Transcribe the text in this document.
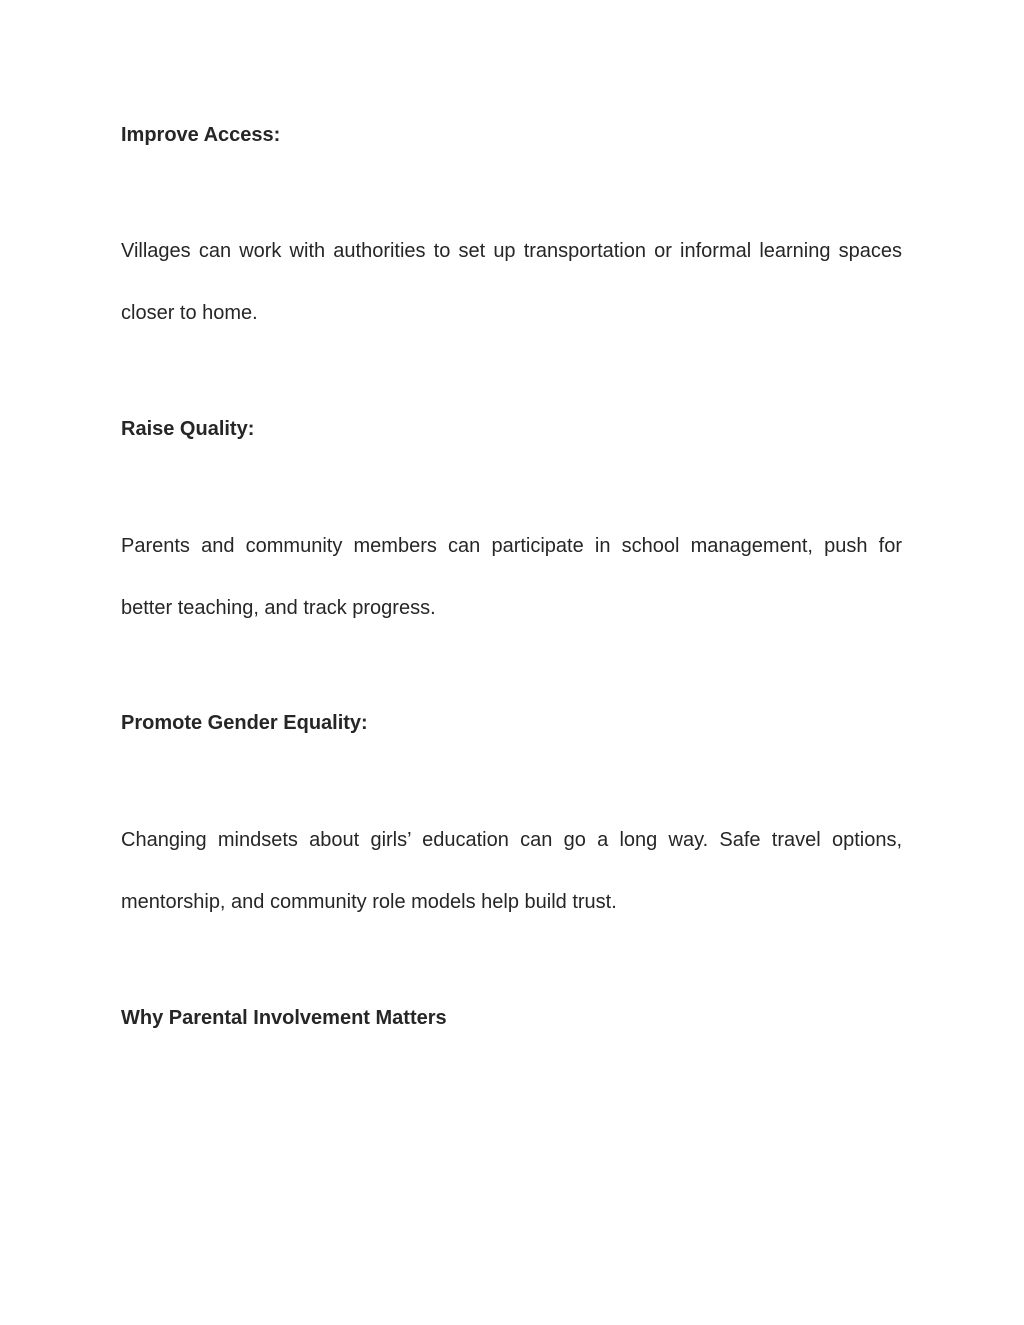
Improve Access:

Villages can work with authorities to set up transportation or informal learning spaces closer to home.

Raise Quality:

Parents and community members can participate in school management, push for better teaching, and track progress.

Promote Gender Equality:

Changing mindsets about girls’ education can go a long way. Safe travel options, mentorship, and community role models help build trust.

Why Parental Involvement Matters
